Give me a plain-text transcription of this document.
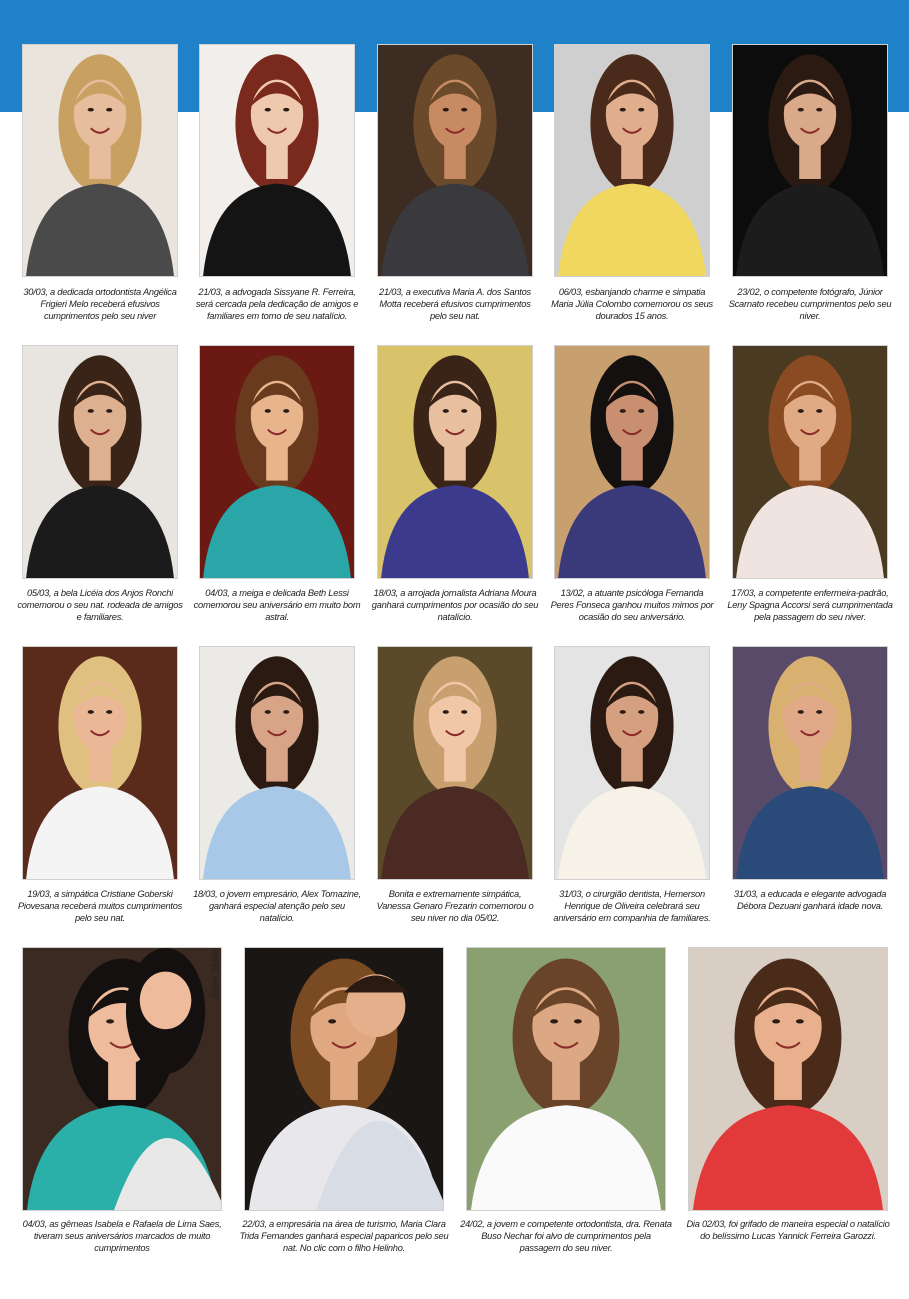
30/03, a dedicada ortodontista Angélica Frigieri Melo receberá efusivos cumprimentos pelo seu niver
21/03, a advogada Sissyane R. Ferreira, será cercada pela dedicação de amigos e familiares em torno de seu natalício.
21/03, a executiva Maria A. dos Santos Motta receberá efusivos cumprimentos pelo seu nat.
06/03, esbanjando charme e simpatia Maria Júlia Colombo comemorou os seus dourados 15 anos.
23/02, o competente fotógrafo, Júnior Scarnato recebeu cumprimentos pelo seu niver.
05/03, a bela Licéia dos Anjos Ronchi comemorou o seu nat. rodeada de amigos e familiares.
04/03, a meiga e delicada Beth Lessi comemorou seu aniversário em muito bom astral.
18/03, a arrojada jornalista Adriana Moura ganhará cumprimentos por ocasião do seu natalício.
13/02, a atuante psicóloga Fernanda Peres Fonseca ganhou muitos mimos por ocasião do seu aniversário.
17/03, a competente enfermeira-padrão, Leny Spagna Accorsi será cumprimentada pela passagem do seu niver.
19/03, a simpática Cristiane Goberski Piovesana receberá muitos cumprimentos pelo seu nat.
18/03, o jovem empresário, Alex Tomazine, ganhará especial atenção pelo seu natalício.
Bonita e extremamente simpática, Vanessa Genaro Frezarin comemorou o seu niver no dia 05/02.
31/03, o cirurgião dentista, Hemerson Henrique de Oliveira celebrará seu aniversário em companhia de familiares.
31/03, a educada e elegante advogada Débora Dezuani ganhará idade nova.
04/03, as gêmeas Isabela e Rafaela de Lima Saes, tiveram seus aniversários marcados de muito cumprimentos
Zoom Studio
22/03, a empresária na área de turismo, Maria Clara Trida Fernandes ganhará especial paparicos pelo seu nat. No clic com o filho Helinho.
24/02, a jovem e competente ortodontista, dra. Renata Buso Nechar foi alvo de cumprimentos pela passagem do seu niver.
Dia 02/03, foi grifado de maneira especial o natalício do belíssimo Lucas Yannick Ferreira Garozzi.
